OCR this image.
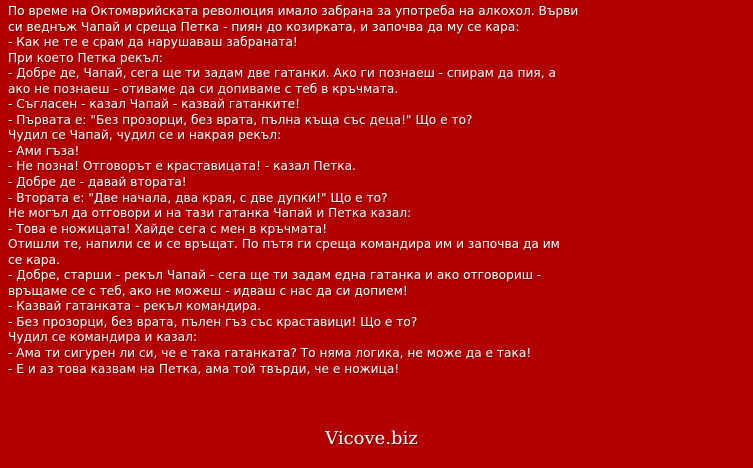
По време на Октомврийската революция имало забрана за употреба на алкохол. Върви
си веднъж Чапай и среща Петка - пиян до козирката, и започва да му се кара:
- Как не те е срам да нарушаваш забраната!
При което Петка рекъл:
- Добре де, Чапай, сега ще ти задам две гатанки. Ако ги познаеш - спирам да пия, а
ако не познаеш - отиваме да си допиваме с теб в кръчмата.
- Съгласен - казал Чапай - казвай гатанките!
- Първата е: "Без прозорци, без врата, пълна къща със деца!" Що е то?
Чудил се Чапай, чудил се и накрая рекъл:
- Ами гъза!
- Не позна! Отговорът е краставицата! - казал Петка.
- Добре де - давай втората!
- Втората е: "Две начала, два края, с две дупки!" Що е то?
Не могъл да отговори и на тази гатанка Чапай и Петка казал:
- Това е ножицата! Хайде сега с мен в кръчмата!
Отишли те, напили се и се връщат. По пътя ги среща командира им и започва да им
се кара.
- Добре, старши - рекъл Чапай - сега ще ти задам една гатанка и ако отговориш -
връщаме се с теб, ако не можеш - идваш с нас да си допием!
- Казвай гатанката - рекъл командира.
- Без прозорци, без врата, пълен гъз със краставици! Що е то?
Чудил се командира и казал:
- Ама ти сигурен ли си, че е така гатанката? То няма логика, не може да е така!
- Е и аз това казвам на Петка, ама той твърди, че е ножица!
Vicove.biz
